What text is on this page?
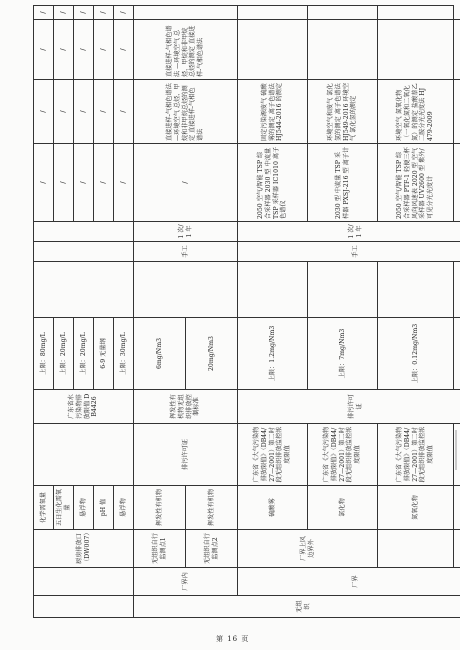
		厨房排放口（DW007）	化学需氧量		广东省水污染物排放限值 DB4426	上限：80mg/L				/	/	/	/
			五日生化需氧量			上限：20mg/L				/	/	/	/
			悬浮物			上限：20mg/L				/	/	/	/
			pH 值			6-9 无量纲				/	/	/	/
			悬浮物			上限：30mg/L				/	/	/	/
无组织	厂界内	无组织自行监测点1	挥发性有机物	排污许可证	挥发性有机物无组织排放控制标准	6mg/Nm3		手工	1 次/1 年	/	直接进样-气相色谱法 —环境空气 总烃、甲烷和非甲烷总烃的测定 直接进样-气相色谱法	直接进样-气相色谱法 —环境空气 总烃、甲烷和非甲烷总烃的测定 直接进样-气相色谱法	
		无组织自行监测点2	挥发性有机物			20mg/Nm3							
	厂界	厂界上风 边界外	硫酸雾	广东省《大气污染物排放限值》（DB44/27—2001）第二时段无组织排放监控浓度限值	排污许可证	上限：1.2mg/Nm3		手工	1 次/1 年	2050 空气/智能 TSP 综合采样器 2030 型 中流量 TSP 采样器 IC1010 离子色谱仪	固定污染源废气 硫酸雾的测定 离子色谱法 HJ544-2016 的测定		
			氯化物	广东省《大气污染物排放限值》（DB44/27—2001）第二时段无组织排放监控浓度限值		上限：7mg/Nm3				2030 型 中流量 TSP 采样器 PXSJ-216 型 离子计	环境空气和废气 氯化氢的测定 离子色谱法 HJ549-2016 环境空气 氯化氢的测定		
			氮氧化物	广东省《大气污染物排放限值》（DB44/27—2001）第二时段无组织排放监控浓度限值		上限：0.12mg/Nm3				2050 空气/智能 TSP 综合采样器 PTF-1 轻便三杯风向风速表 2020 型 空气采样器 UV2600 型 紫外/可见分光光度计	环境空气 氮氧化物（一氧化氮和二氧化氮）的测定 盐酸萘乙二胺分光光度法 HJ 479-2009		

第 16 页
